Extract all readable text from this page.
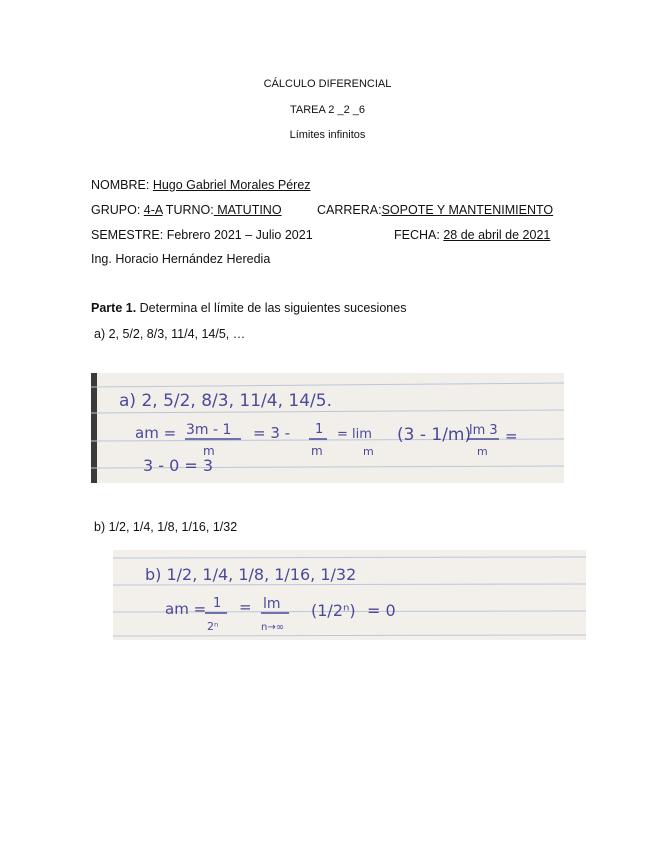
CÁLCULO DIFERENCIAL
TAREA 2 _2 _6
Límites infinitos
NOMBRE: Hugo Gabriel Morales Pérez
GRUPO: 4-A TURNO: MATUTINO	CARRERA:SOPOTE Y MANTENIMIENTO
SEMESTRE: Febrero 2021 – Julio 2021	FECHA: 28 de abril de 2021
Ing. Horacio Hernández Heredia
Parte 1. Determina el límite de las siguientes sucesiones
a) 2, 5/2, 8/3, 11/4, 14/5, …
a) 2, 5/2, 8/3, 11/4, 14/5.
am = 3m - 1
m
= 3 - 1
m
= lim
m
(3 - 1/m)
lm 3
m
=
3 - 0 = 3
b) 1/2, 1/4, 1/8, 1/16, 1/32
b) 1/2, 1/4, 1/8, 1/16, 1/32
am = 1
2ⁿ
= lm
n→∞
(1/2ⁿ) = 0
